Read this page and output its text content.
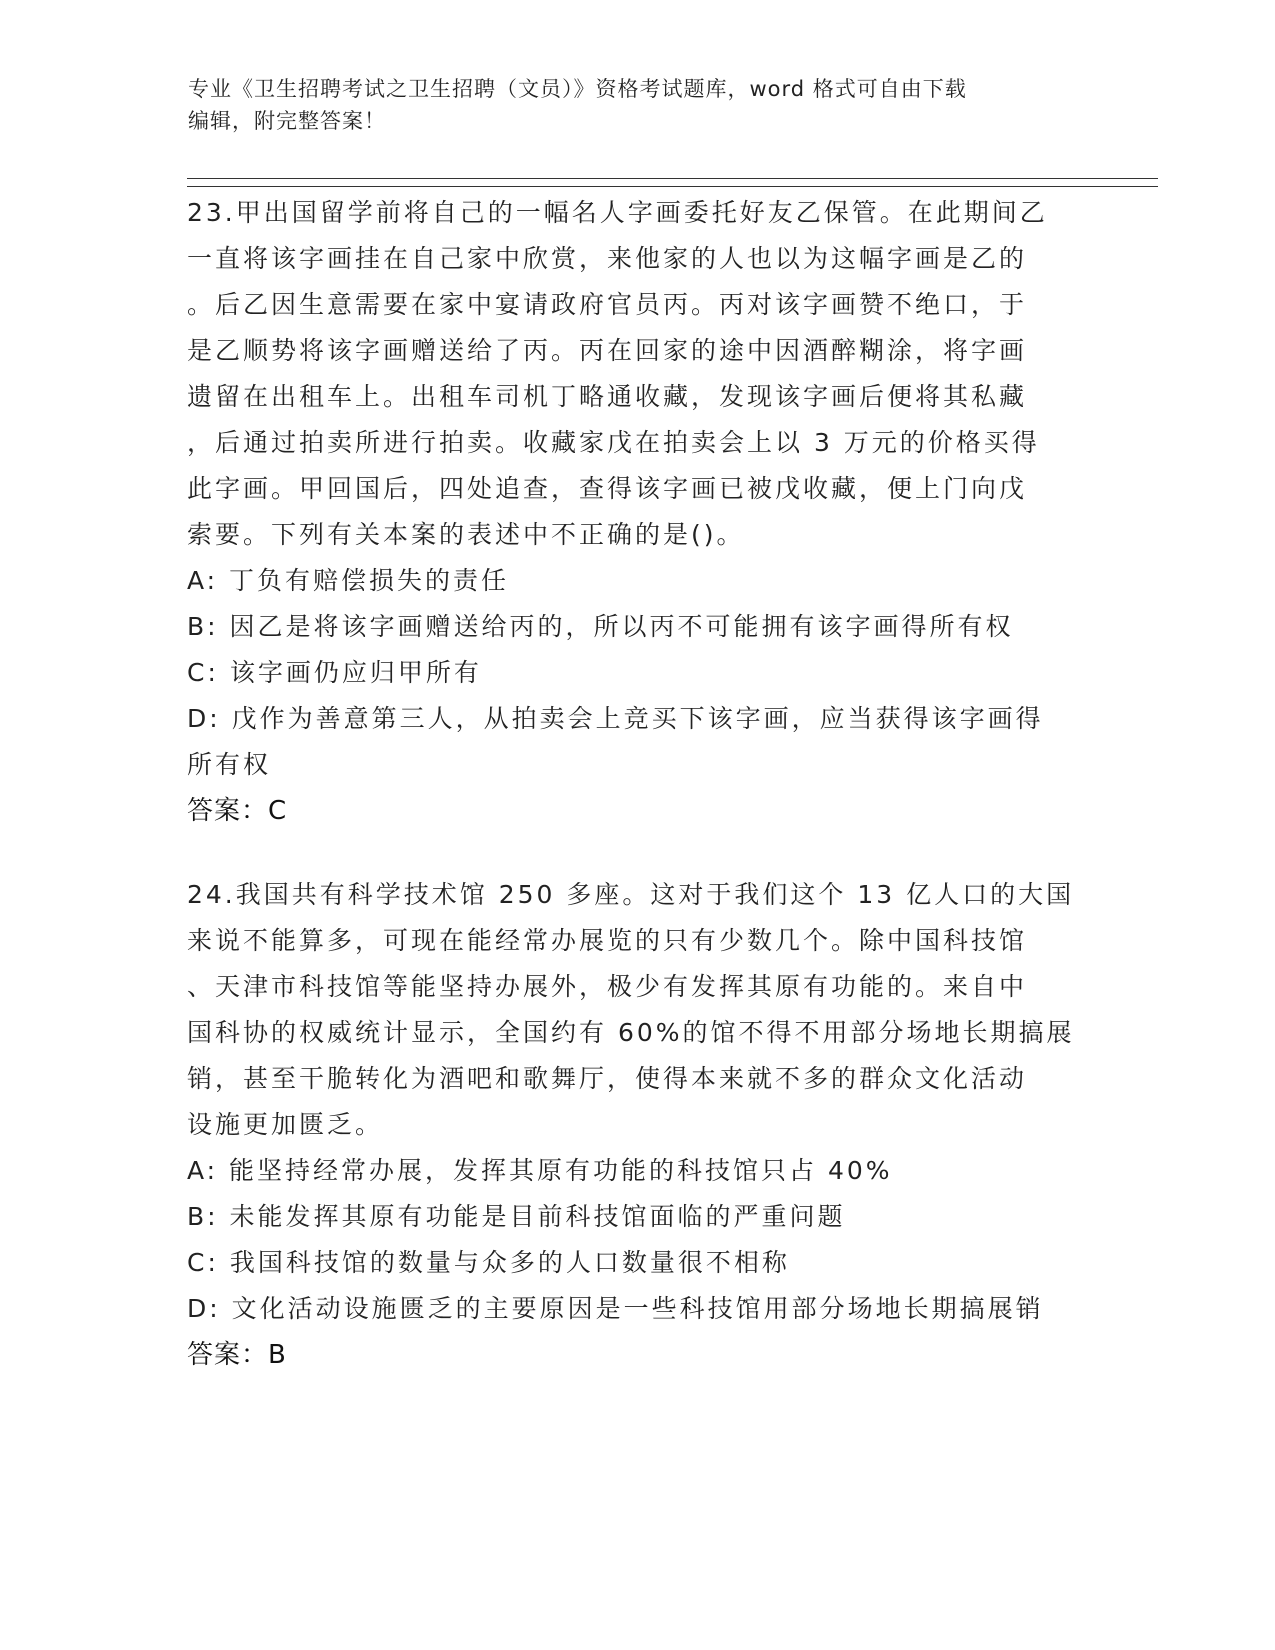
专业《卫生招聘考试之卫生招聘（文员）》资格考试题库，word 格式可自由下载
编辑，附完整答案！
23.甲出国留学前将自己的一幅名人字画委托好友乙保管。在此期间乙
一直将该字画挂在自己家中欣赏，来他家的人也以为这幅字画是乙的
。后乙因生意需要在家中宴请政府官员丙。丙对该字画赞不绝口，于
是乙顺势将该字画赠送给了丙。丙在回家的途中因酒醉糊涂，将字画
遗留在出租车上。出租车司机丁略通收藏，发现该字画后便将其私藏
，后通过拍卖所进行拍卖。收藏家戊在拍卖会上以 3 万元的价格买得
此字画。甲回国后，四处追查，查得该字画已被戊收藏，便上门向戊
索要。下列有关本案的表述中不正确的是()。
A: 丁负有赔偿损失的责任
B: 因乙是将该字画赠送给丙的，所以丙不可能拥有该字画得所有权
C: 该字画仍应归甲所有
D: 戊作为善意第三人，从拍卖会上竞买下该字画，应当获得该字画得
所有权
答案：C
24.我国共有科学技术馆 250 多座。这对于我们这个 13 亿人口的大国
来说不能算多，可现在能经常办展览的只有少数几个。除中国科技馆
、天津市科技馆等能坚持办展外，极少有发挥其原有功能的。来自中
国科协的权威统计显示，全国约有 60%的馆不得不用部分场地长期搞展
销，甚至干脆转化为酒吧和歌舞厅，使得本来就不多的群众文化活动
设施更加匮乏。
A: 能坚持经常办展，发挥其原有功能的科技馆只占 40%
B: 未能发挥其原有功能是目前科技馆面临的严重问题
C: 我国科技馆的数量与众多的人口数量很不相称
D: 文化活动设施匮乏的主要原因是一些科技馆用部分场地长期搞展销
答案：B
